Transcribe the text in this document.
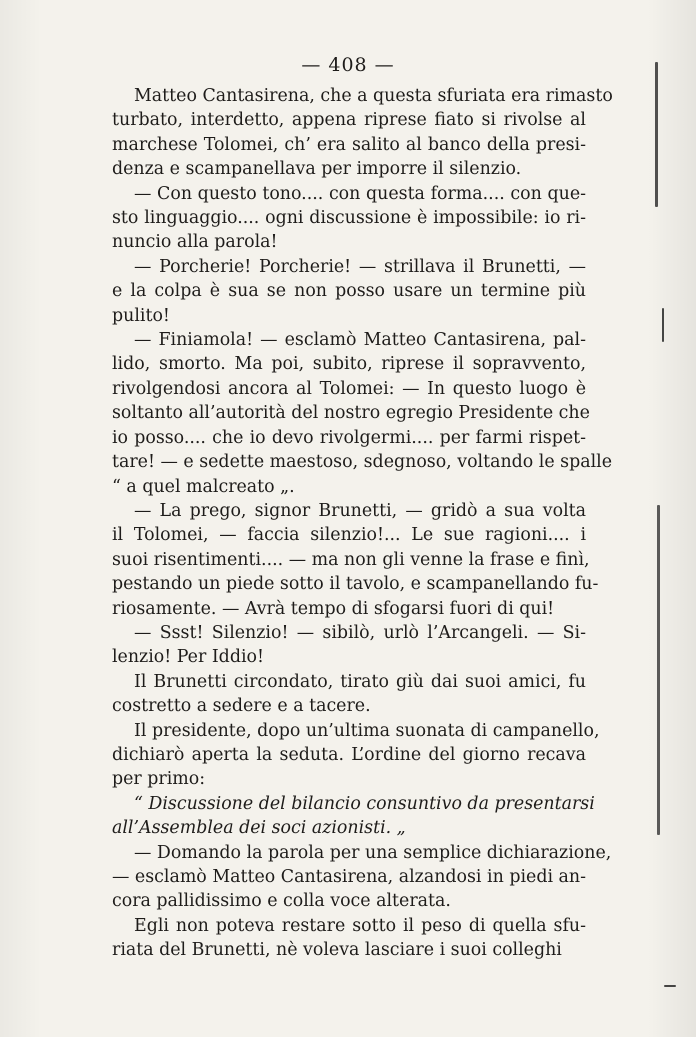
— 408 —
Matteo Cantasirena, che a questa sfuriata era rimasto
turbato, interdetto, appena riprese fiato si rivolse al
marchese Tolomei, ch’ era salito al banco della presi-
denza e scampanellava per imporre il silenzio.
— Con questo tono.... con questa forma.... con que-
sto linguaggio.... ogni discussione è impossibile: io ri-
nuncio alla parola!
— Porcherie! Porcherie! — strillava il Brunetti, —
e la colpa è sua se non posso usare un termine più
pulito!
— Finiamola! — esclamò Matteo Cantasirena, pal-
lido, smorto. Ma poi, subito, riprese il sopravvento,
rivolgendosi ancora al Tolomei: — In questo luogo è
soltanto all’autorità del nostro egregio Presidente che
io posso.... che io devo rivolgermi.... per farmi rispet-
tare! — e sedette maestoso, sdegnoso, voltando le spalle
“ a quel malcreato „.
— La prego, signor Brunetti, — gridò a sua volta
il Tolomei, — faccia silenzio!... Le sue ragioni.... i
suoi risentimenti.... — ma non gli venne la frase e finì,
pestando un piede sotto il tavolo, e scampanellando fu-
riosamente. — Avrà tempo di sfogarsi fuori di qui!
— Ssst! Silenzio! — sibilò, urlò l’Arcangeli. — Si-
lenzio! Per Iddio!
Il Brunetti circondato, tirato giù dai suoi amici, fu
costretto a sedere e a tacere.
Il presidente, dopo un’ultima suonata di campanello,
dichiarò aperta la seduta. L’ordine del giorno recava
per primo:
“ Discussione del bilancio consuntivo da presentarsi
all’Assemblea dei soci azionisti. „
— Domando la parola per una semplice dichiarazione,
— esclamò Matteo Cantasirena, alzandosi in piedi an-
cora pallidissimo e colla voce alterata.
Egli non poteva restare sotto il peso di quella sfu-
riata del Brunetti, nè voleva lasciare i suoi colleghi
